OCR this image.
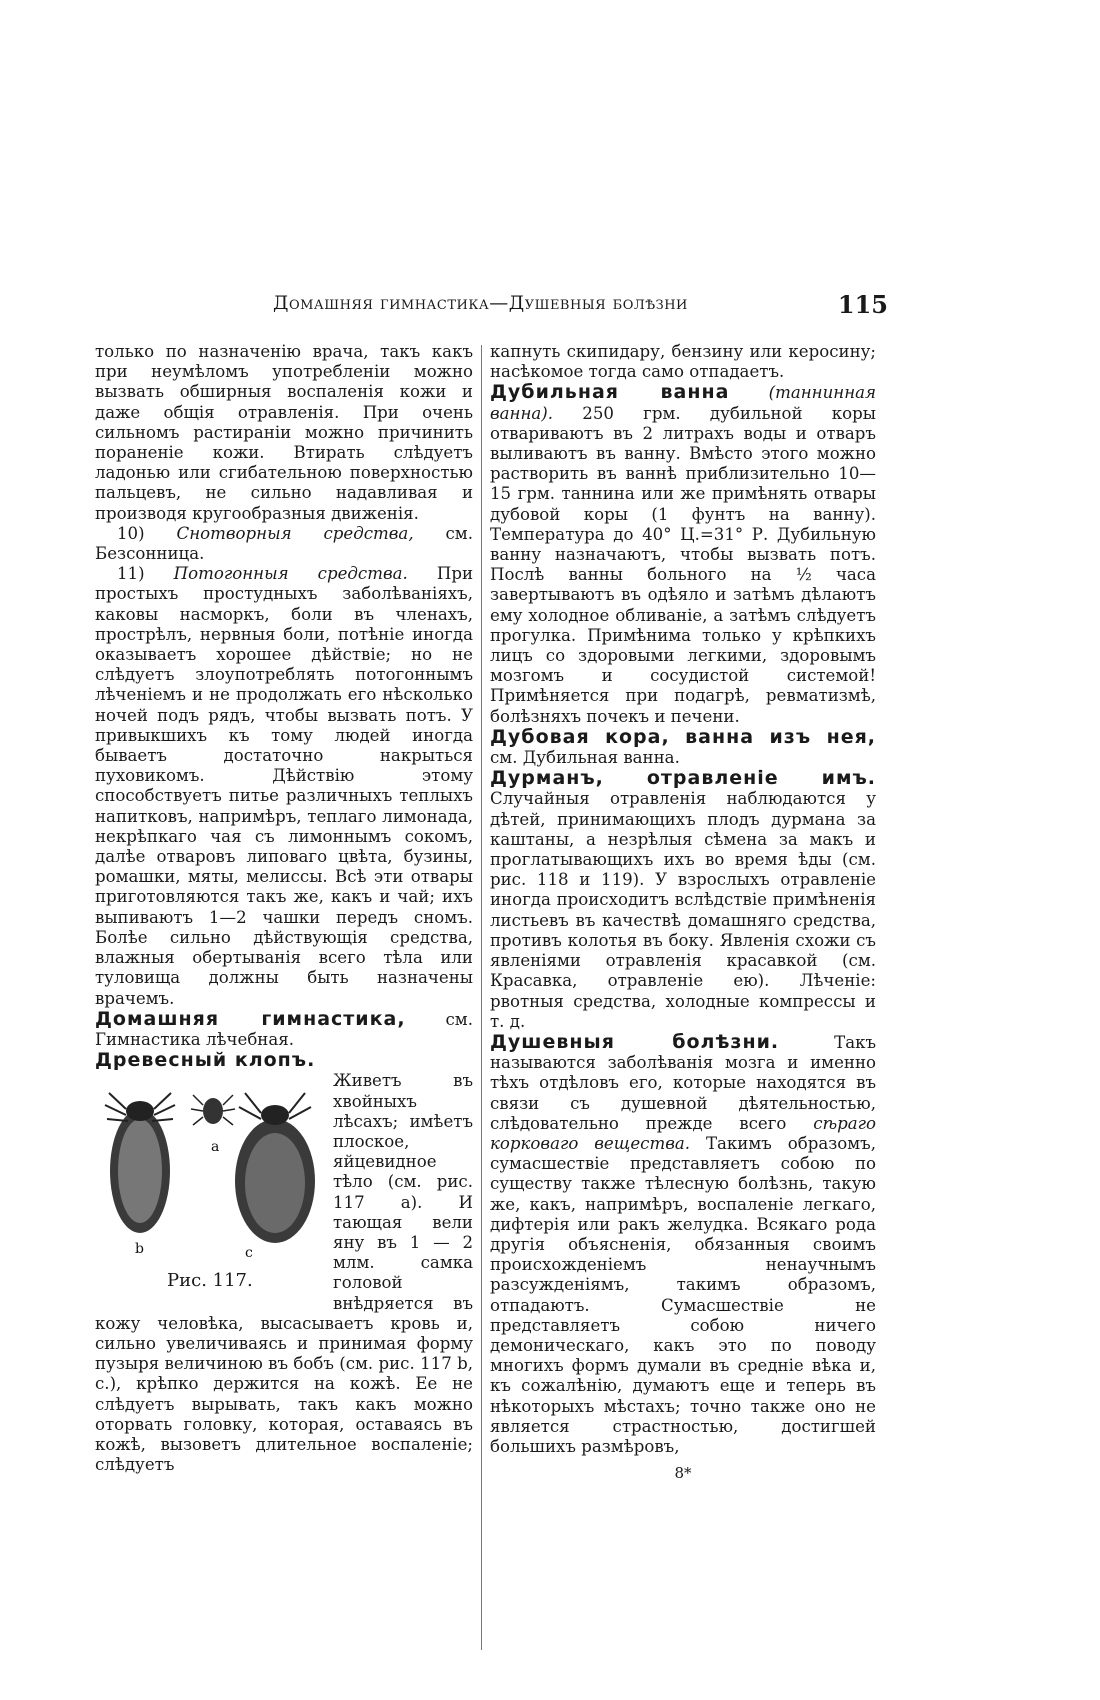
Домашняя гимнастика—Душевныя болѣзни	115

только по назначенію врача, такъ какъ при неумѣломъ употребленіи можно вызвать обширныя воспаленія кожи и даже общія отравленія. При очень сильномъ растираніи можно причинить пораненіе кожи. Втирать слѣдуетъ ладонью или сгибательною поверхностью пальцевъ, не сильно надавливая и производя кругообразныя движенія.

10) Снотворныя средства, см. Безсонница.

11) Потогонныя средства. При простыхъ простудныхъ заболѣваніяхъ, каковы насморкъ, боли въ членахъ, прострѣлъ, нервныя боли, потѣніе иногда оказываетъ хорошее дѣйствіе; но не слѣдуетъ злоупотреблять потогоннымъ лѣченіемъ и не продолжать его нѣсколько ночей подъ рядъ, чтобы вызвать потъ. У привыкшихъ къ тому людей иногда бываетъ достаточно накрыться пуховикомъ. Дѣйствію этому способствуетъ питье различныхъ теплыхъ напитковъ, напримѣръ, теплаго лимонада, некрѣпкаго чая съ лимоннымъ сокомъ, далѣе отваровъ липоваго цвѣта, бузины, ромашки, мяты, мелиссы. Всѣ эти отвары приготовляются такъ же, какъ и чай; ихъ выпиваютъ 1—2 чашки передъ сномъ. Болѣе сильно дѣйствующія средства, влажныя обертыванія всего тѣла или туловища должны быть назначены врачемъ.

Домашняя гимнастика, см. Гимнастика лѣчебная.

Древесный клопъ.

a
b	c
Рис. 117.

Живетъ въ хвойныхъ лѣсахъ; имѣетъ плоское, яйцевидное тѣло (см. рис. 117 а). И тающая вели яну въ 1 — 2 млм. самка головой внѣдряется въ кожу человѣка, высасываетъ кровь и, сильно увеличиваясь и принимая форму пузыря величиною въ бобъ (см. рис. 117 b, с.), крѣпко держится на кожѣ. Ее не слѣдуетъ вырывать, такъ какъ можно оторвать головку, которая, оставаясь въ кожѣ, вызоветъ длительное воспаленіе; слѣдуетъ

капнуть скипидару, бензину или керосину; насѣкомое тогда само отпадаетъ.

Дубильная ванна (таннинная ванна). 250 грм. дубильной коры отвариваютъ въ 2 литрахъ воды и отваръ выливаютъ въ ванну. Вмѣсто этого можно растворить въ ваннѣ приблизительно 10—15 грм. таннина или же примѣнять отвары дубовой коры (1 фунтъ на ванну). Температура до 40° Ц.=31° Р. Дубильную ванну назначаютъ, чтобы вызвать потъ. Послѣ ванны больного на ½ часа завертываютъ въ одѣяло и затѣмъ дѣлаютъ ему холодное обливаніе, а затѣмъ слѣдуетъ прогулка. Примѣнима только у крѣпкихъ лицъ со здоровыми легкими, здоровымъ мозгомъ и сосудистой системой! Примѣняется при подагрѣ, ревматизмѣ, болѣзняхъ почекъ и печени.

Дубовая кора, ванна изъ нея, см. Дубильная ванна.

Дурманъ, отравленіе имъ. Случайныя отравленія наблюдаются у дѣтей, принимающихъ плодъ дурмана за каштаны, а незрѣлыя сѣмена за макъ и проглатывающихъ ихъ во время ѣды (см. рис. 118 и 119). У взрослыхъ отравленіе иногда происходитъ вслѣдствіе примѣненія листьевъ въ качествѣ домашняго средства, противъ колотья въ боку. Явленія схожи съ явленіями отравленія красавкой (см. Красавка, отравленіе ею). Лѣченіе: рвотныя средства, холодные компрессы и т. д.

Душевныя болѣзни.	Такъ называются заболѣванія мозга и именно тѣхъ отдѣловъ его, которые находятся въ связи съ душевной дѣятельностью, слѣдовательно прежде всего сѣраго корковаго вещества. Такимъ образомъ, сумасшествіе представляетъ собою по существу также тѣлесную болѣзнь, такую же, какъ, напримѣръ, воспаленіе легкаго, дифтерія или ракъ желудка. Всякаго рода другія объясненія, обязанныя своимъ происхожденіемъ ненаучнымъ разсужденіямъ, такимъ образомъ, отпадаютъ. Сумасшествіе не представляетъ собою ничего демоническаго, какъ это по поводу многихъ формъ думали въ средніе вѣка и, къ сожалѣнію, думаютъ еще и теперь въ нѣкоторыхъ мѣстахъ; точно также оно не является страстностью, достигшей большихъ размѣровъ,

8*
